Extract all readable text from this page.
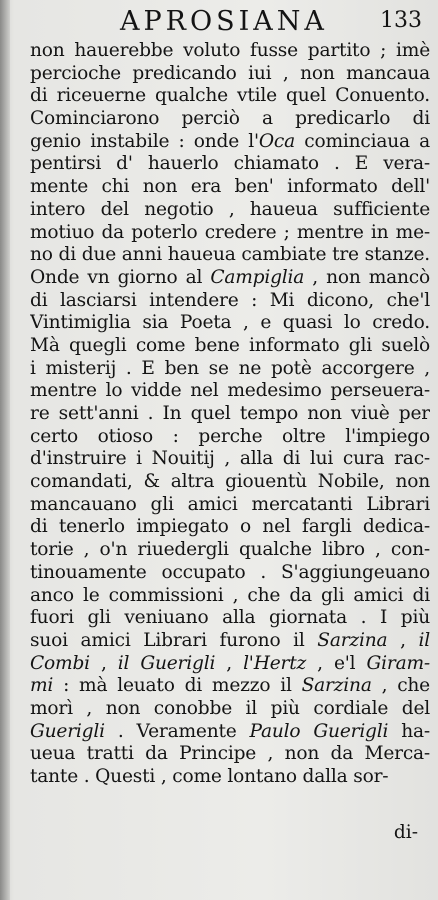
APROSIANA 133
non hauerebbe voluto fusse partito ; imè
percioche predicando iui , non mancaua
di riceuerne qualche vtile quel Conuento.
Cominciarono perciò a predicarlo di
genio instabile : onde l'Oca cominciaua a
pentirsi d' hauerlo chiamato . E vera-
mente chi non era ben' informato dell'
intero del negotio , haueua sufficiente
motiuo da poterlo credere ; mentre in me-
no di due anni haueua cambiate tre stanze.
Onde vn giorno al Campiglia , non mancò
di lasciarsi intendere : Mi dicono, che'l
Vintimiglia sia Poeta , e quasi lo credo.
Mà quegli come bene informato gli suelò
i misterij . E ben se ne potè accorgere ,
mentre lo vidde nel medesimo perseuera-
re sett'anni . In quel tempo non viuè per
certo otioso : perche oltre l'impiego
d'instruire i Nouitij , alla di lui cura rac-
comandati, & altra giouentù Nobile, non
mancauano gli amici mercatanti Librari
di tenerlo impiegato o nel fargli dedica-
torie , o'n riuedergli qualche libro , con-
tinouamente occupato . S'aggiungeuano
anco le commissioni , che da gli amici di
fuori gli veniuano alla giornata . I più
suoi amici Librari furono il Sarzina , il
Combi , il Guerigli , l'Hertz , e'l Giram-
mi : mà leuato di mezzo il Sarzina , che
morì , non conobbe il più cordiale del
Guerigli . Veramente Paulo Guerigli ha-
ueua tratti da Principe , non da Merca-
tante . Questi , come lontano dalla sor-
di-
